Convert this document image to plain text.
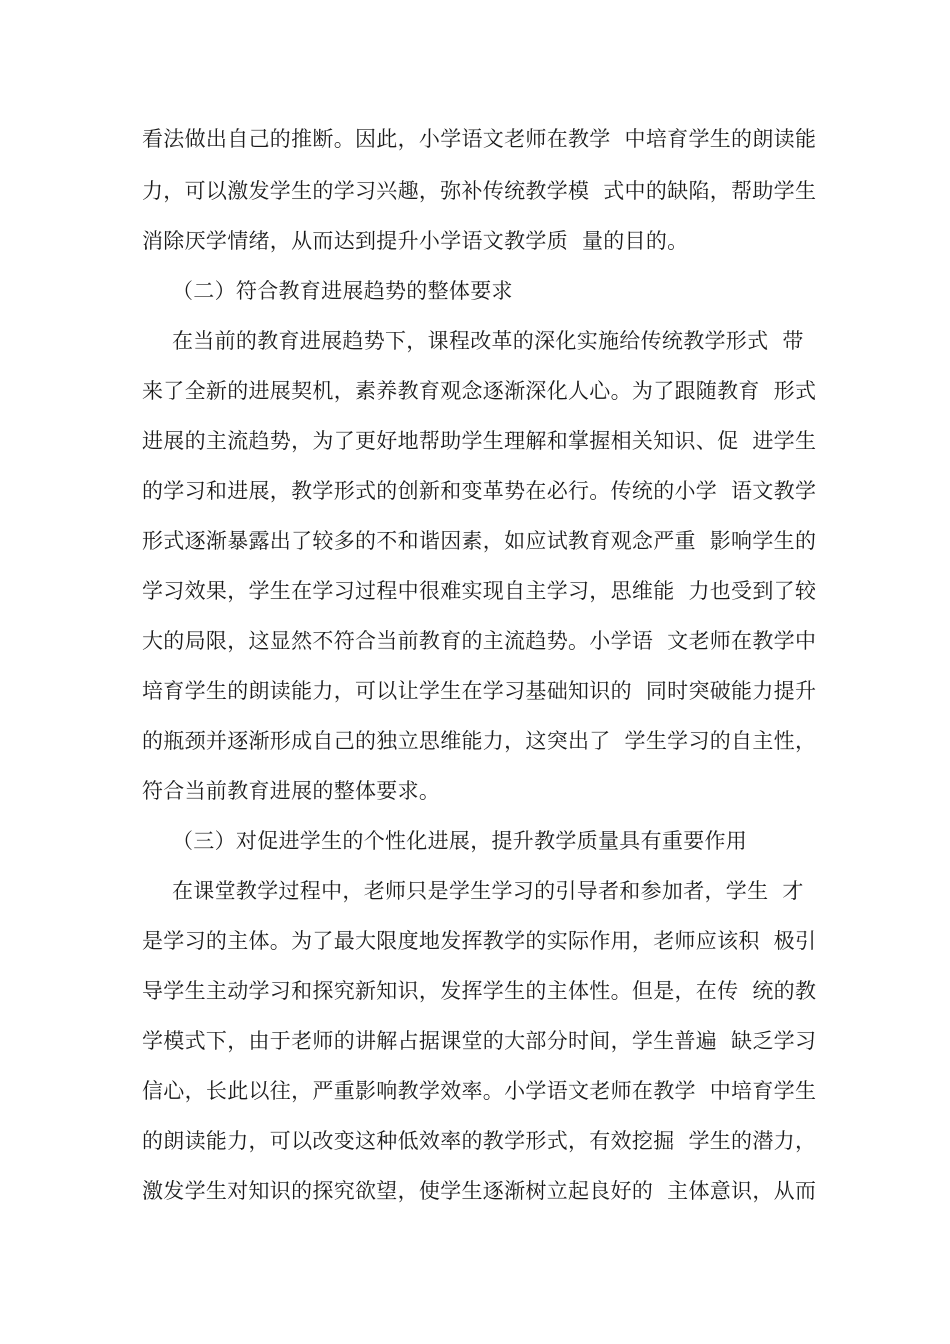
看法做出自己的推断。因此，小学语文老师在教学  中培育学生的朗读能
力，可以激发学生的学习兴趣，弥补传统教学模  式中的缺陷，帮助学生
消除厌学情绪，从而达到提升小学语文教学质  量的目的。
（二）符合教育进展趋势的整体要求
在当前的教育进展趋势下，课程改革的深化实施给传统教学形式  带
来了全新的进展契机，素养教育观念逐渐深化人心。为了跟随教育  形式
进展的主流趋势，为了更好地帮助学生理解和掌握相关知识、促  进学生
的学习和进展，教学形式的创新和变革势在必行。传统的小学  语文教学
形式逐渐暴露出了较多的不和谐因素，如应试教育观念严重  影响学生的
学习效果，学生在学习过程中很难实现自主学习，思维能  力也受到了较
大的局限，这显然不符合当前教育的主流趋势。小学语  文老师在教学中
培育学生的朗读能力，可以让学生在学习基础知识的  同时突破能力提升
的瓶颈并逐渐形成自己的独立思维能力，这突出了  学生学习的自主性，
符合当前教育进展的整体要求。
（三）对促进学生的个性化进展，提升教学质量具有重要作用
在课堂教学过程中，老师只是学生学习的引导者和参加者，学生  才
是学习的主体。为了最大限度地发挥教学的实际作用，老师应该积  极引
导学生主动学习和探究新知识，发挥学生的主体性。但是，在传  统的教
学模式下，由于老师的讲解占据课堂的大部分时间，学生普遍  缺乏学习
信心，长此以往，严重影响教学效率。小学语文老师在教学  中培育学生
的朗读能力，可以改变这种低效率的教学形式，有效挖掘  学生的潜力，
激发学生对知识的探究欲望，使学生逐渐树立起良好的  主体意识，从而
